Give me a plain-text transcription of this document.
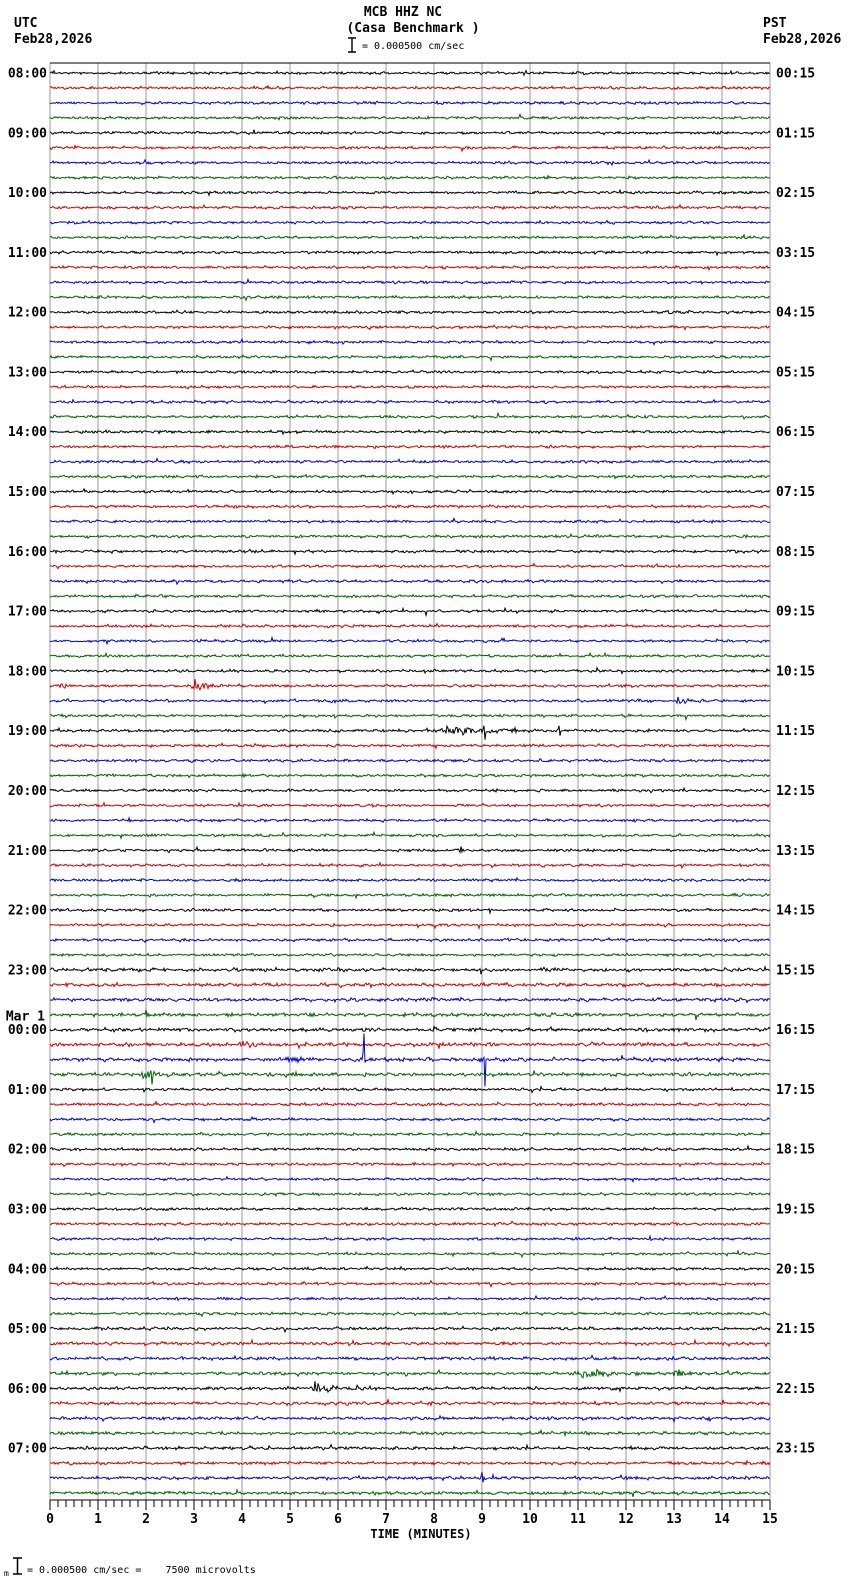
MCB HHZ NC
(Casa Benchmark )
= 0.000500 cm/sec
UTC
Feb28,2026
PST
Feb28,2026
0	1	2	3	4	5	6	7	8	9	10 11 12 13 14 15
08:00
09:00
10:00
11:00
12:00
13:00
14:00
15:00
16:00
17:00
18:00
19:00
20:00
21:00
22:00
23:00
00:00
Mar 1
01:00
02:00
03:00
04:00
05:00
06:00
07:00
00:15
01:15
02:15
03:15
04:15
05:15
06:15
07:15
08:15
09:15
10:15
11:15
12:15
13:15
14:15
15:15
16:15
17:15
18:15
19:15
20:15
21:15
22:15
23:15
TIME (MINUTES)
m = 0.000500 cm/sec =    7500 microvolts
